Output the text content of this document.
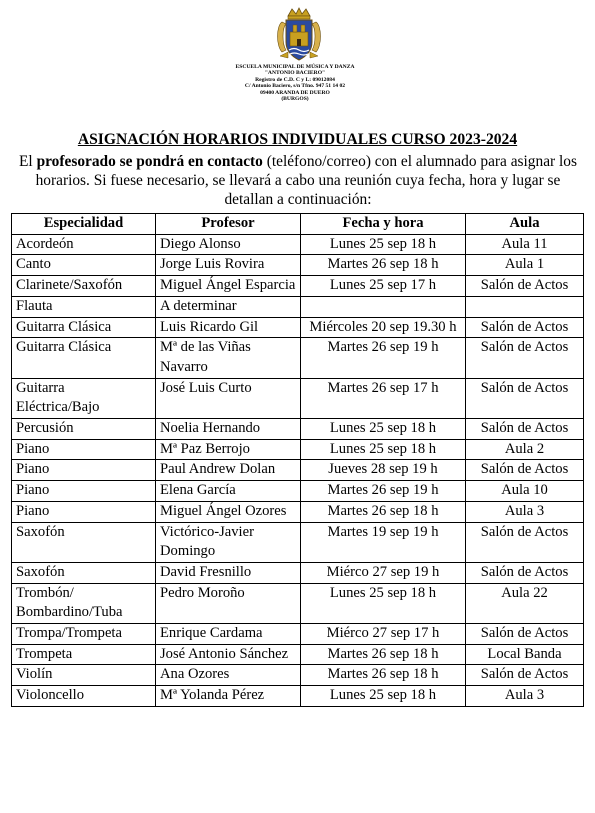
ESCUELA MUNICIPAL DE MÚSICA Y DANZA
"ANTONIO BACIERO"
Registro de C.D. C y L: 09012084
C/ Antonio Baciero, s/n Tfno. 947 51 14 02
09400 ARANDA DE DUERO
(BURGOS)
ASIGNACIÓN HORARIOS INDIVIDUALES CURSO 2023-2024
El profesorado se pondrá en contacto (teléfono/correo) con el alumnado para asignar los horarios. Si fuese necesario, se llevará a cabo una reunión cuya fecha, hora y lugar se detallan a continuación:
Especialidad	Profesor	Fecha y hora	Aula
Acordeón	Diego Alonso	Lunes 25 sep 18 h	Aula 11
Canto	Jorge Luis Rovira	Martes 26 sep 18 h	Aula 1
Clarinete/Saxofón	Miguel Ángel Esparcia	Lunes 25 sep 17 h	Salón de Actos
Flauta	A determinar		
Guitarra Clásica	Luis Ricardo Gil	Miércoles 20 sep 19.30 h	Salón de Actos
Guitarra Clásica	Mª de las Viñas Navarro	Martes 26 sep 19 h	Salón de Actos
Guitarra Eléctrica/Bajo	José Luis Curto	Martes 26 sep 17 h	Salón de Actos
Percusión	Noelia Hernando	Lunes 25 sep 18 h	Salón de Actos
Piano	Mª Paz Berrojo	Lunes 25 sep 18 h	Aula 2
Piano	Paul Andrew Dolan	Jueves 28 sep 19 h	Salón de Actos
Piano	Elena García	Martes 26 sep 19 h	Aula 10
Piano	Miguel Ángel Ozores	Martes 26 sep 18 h	Aula 3
Saxofón	Victórico-Javier Domingo	Martes 19 sep 19 h	Salón de Actos
Saxofón	David Fresnillo	Miérco 27 sep 19 h	Salón de Actos
Trombón/ Bombardino/Tuba	Pedro Moroño	Lunes 25 sep 18 h	Aula 22
Trompa/Trompeta	Enrique Cardama	Miérco 27 sep 17 h	Salón de Actos
Trompeta	José Antonio Sánchez	Martes 26 sep 18 h	Local Banda
Violín	Ana Ozores	Martes 26 sep 18 h	Salón de Actos
Violoncello	Mª Yolanda Pérez	Lunes 25 sep 18 h	Aula 3
